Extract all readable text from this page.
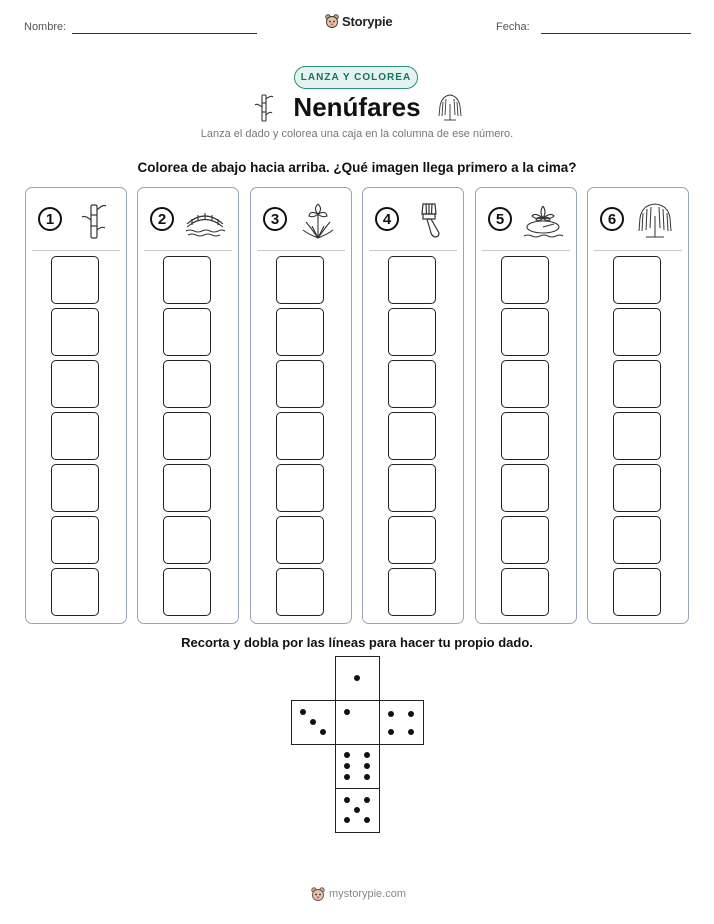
Nombre:	Storypie	Fecha:
LANZA Y COLOREA
Nenúfares
Lanza el dado y colorea una caja en la columna de ese número.
Colorea de abajo hacia arriba. ¿Qué imagen llega primero a la cima?
1	2	3	4	5	6
Recorta y dobla por las líneas para hacer tu propio dado.
mystorypie.com
